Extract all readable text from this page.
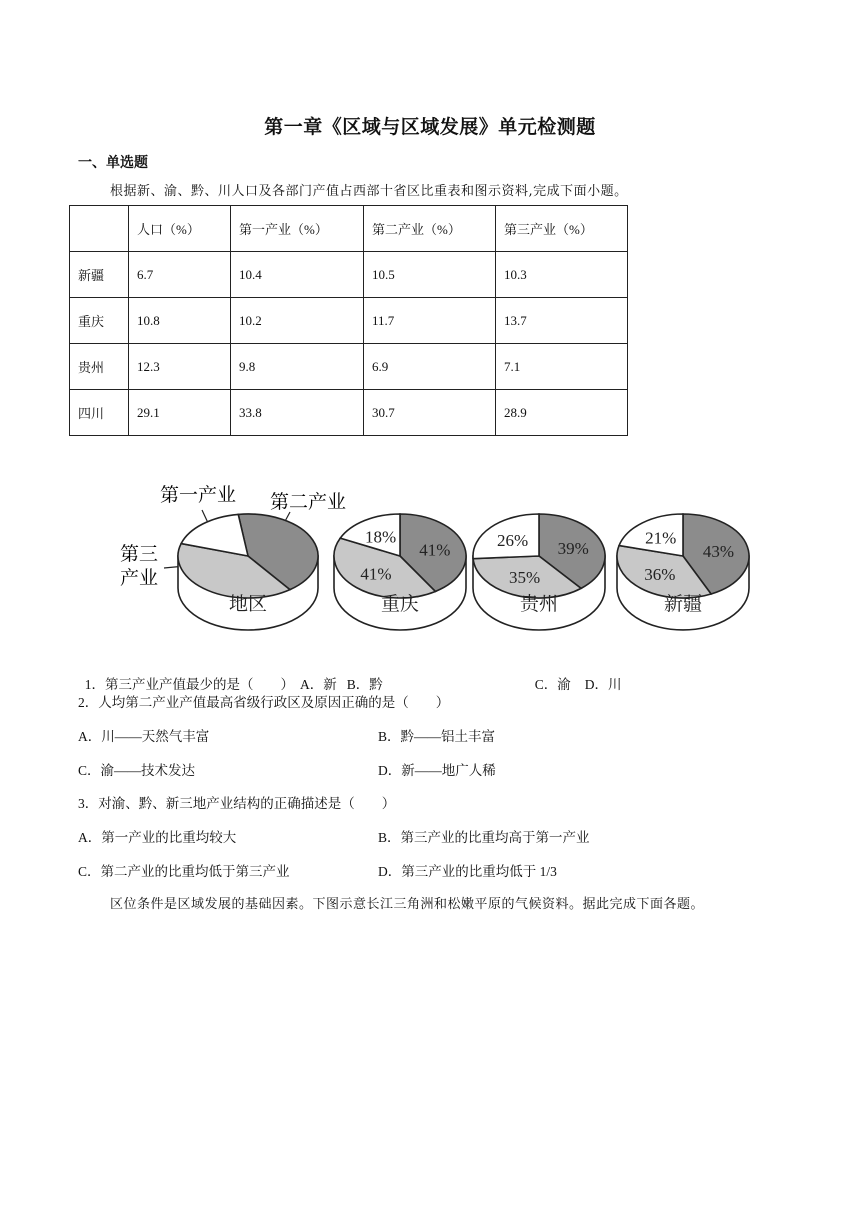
第一章《区域与区域发展》单元检测题
一、单选题
根据新、渝、黔、川人口及各部门产值占西部十省区比重表和图示资料,完成下面小题。
	人口（%）	第一产业（%）	第二产业（%）	第三产业（%）
新疆	6.7	10.4	10.5	10.3
重庆	10.8	10.2	11.7	13.7
贵州	12.3	9.8	6.9	7.1
四川	29.1	33.8	30.7	28.9
第一产业 第二产业
第三
产业
地区
41%
41%
18%
重庆
39%
35%
26%
贵州
43%
36%
21%
新疆

1．第三产业产值最少的是（　　） A．新 B．黔	C．渝 D．川

2．人均第二产业产值最高省级行政区及原因正确的是（　　）
A．川——天然气丰富	B．黔——铝土丰富
C．渝——技术发达	D．新——地广人稀
3．对渝、黔、新三地产业结构的正确描述是（　　）
A．第一产业的比重均较大	B．第三产业的比重均高于第一产业
C．第二产业的比重均低于第三产业	D．第三产业的比重均低于 1/3
区位条件是区域发展的基础因素。下图示意长江三角洲和松嫩平原的气候资料。据此完成下面各题。
